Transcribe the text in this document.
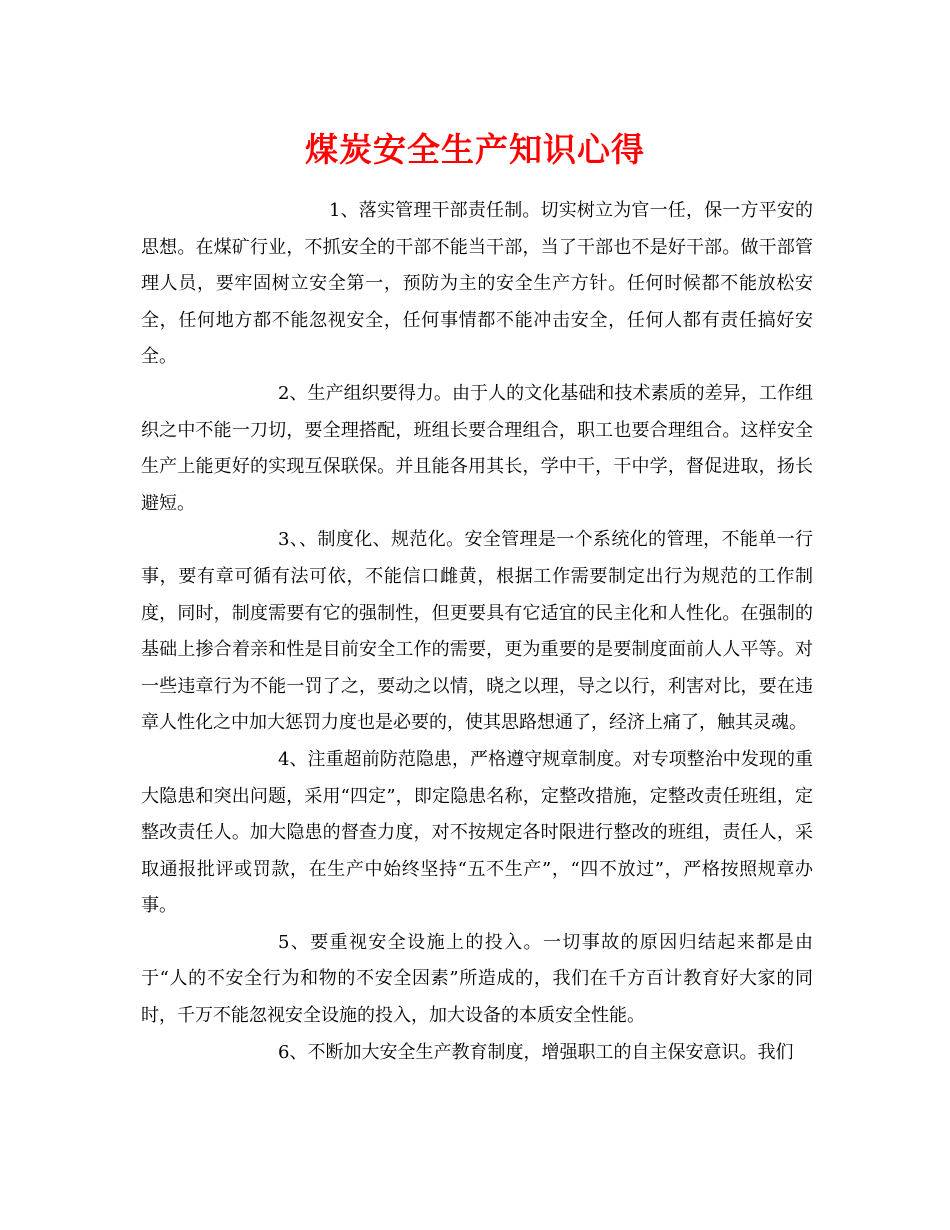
煤炭安全生产知识心得

1、落实管理干部责任制。切实树立为官一任，保一方平安的思想。在煤矿行业，不抓安全的干部不能当干部，当了干部也不是好干部。做干部管理人员，要牢固树立安全第一，预防为主的安全生产方针。任何时候都不能放松安全，任何地方都不能忽视安全，任何事情都不能冲击安全，任何人都有责任搞好安全。

2、生产组织要得力。由于人的文化基础和技术素质的差异，工作组织之中不能一刀切，要全理搭配，班组长要合理组合，职工也要合理组合。这样安全生产上能更好的实现互保联保。并且能各用其长，学中干，干中学，督促进取，扬长避短。

3、、制度化、规范化。安全管理是一个系统化的管理，不能单一行事，要有章可循有法可依，不能信口雌黄，根据工作需要制定出行为规范的工作制度，同时，制度需要有它的强制性，但更要具有它适宜的民主化和人性化。在强制的基础上掺合着亲和性是目前安全工作的需要，更为重要的是要制度面前人人平等。对一些违章行为不能一罚了之，要动之以情，晓之以理，导之以行，利害对比，要在违章人性化之中加大惩罚力度也是必要的，使其思路想通了，经济上痛了，触其灵魂。

4、注重超前防范隐患，严格遵守规章制度。对专项整治中发现的重大隐患和突出问题，采用“四定”，即定隐患名称，定整改措施，定整改责任班组，定整改责任人。加大隐患的督查力度，对不按规定各时限进行整改的班组，责任人，采取通报批评或罚款，在生产中始终坚持“五不生产”，“四不放过”，严格按照规章办事。

5、要重视安全设施上的投入。一切事故的原因归结起来都是由于“人的不安全行为和物的不安全因素”所造成的，我们在千方百计教育好大家的同时，千万不能忽视安全设施的投入，加大设备的本质安全性能。

6、不断加大安全生产教育制度，增强职工的自主保安意识。我们
